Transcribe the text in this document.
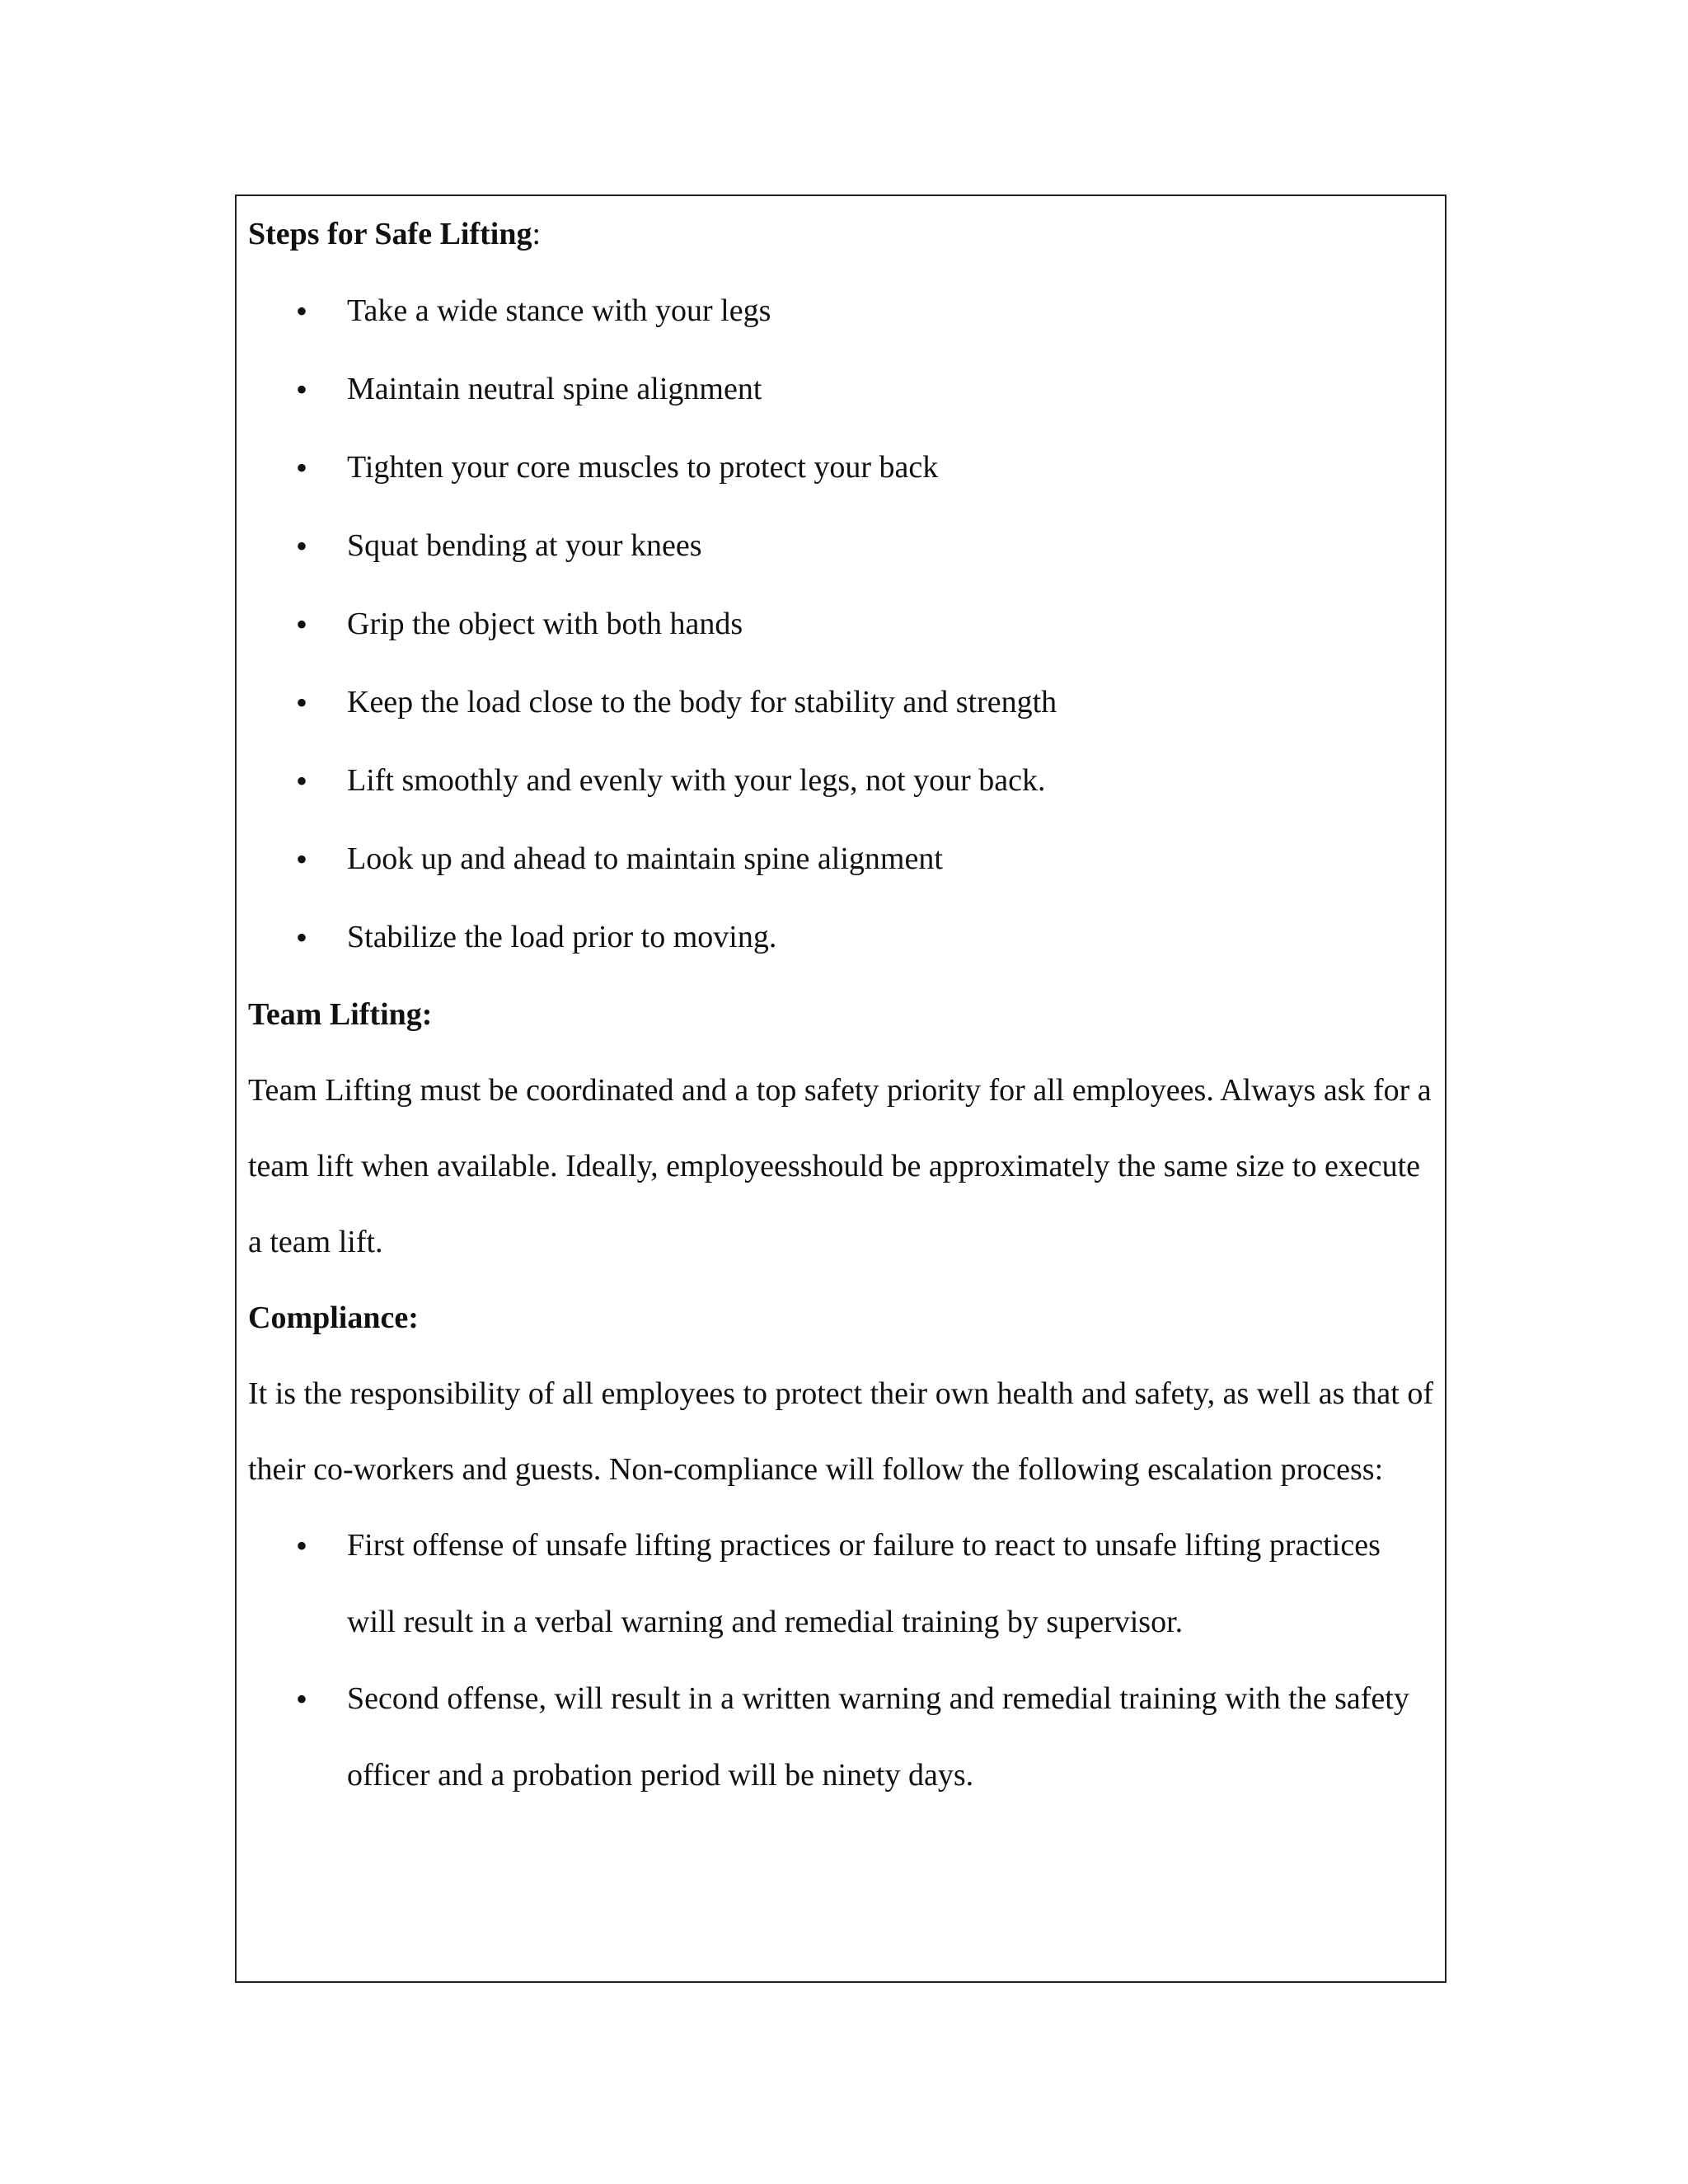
Steps for Safe Lifting:

• Take a wide stance with your legs
• Maintain neutral spine alignment
• Tighten your core muscles to protect your back
• Squat bending at your knees
• Grip the object with both hands
• Keep the load close to the body for stability and strength
• Lift smoothly and evenly with your legs, not your back.
• Look up and ahead to maintain spine alignment
• Stabilize the load prior to moving.

Team Lifting:

Team Lifting must be coordinated and a top safety priority for all employees. Always ask for a team lift when available. Ideally, employeesshould be approximately the same size to execute a team lift.

Compliance:

It is the responsibility of all employees to protect their own health and safety, as well as that of their co-workers and guests. Non-compliance will follow the following escalation process:

• First offense of unsafe lifting practices or failure to react to unsafe lifting practices will result in a verbal warning and remedial training by supervisor.
• Second offense, will result in a written warning and remedial training with the safety officer and a probation period will be ninety days.
